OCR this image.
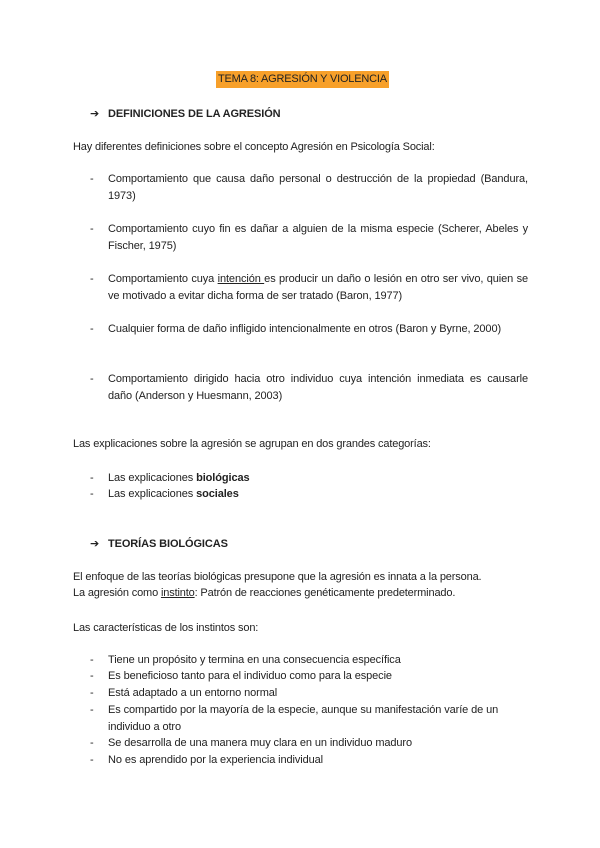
TEMA 8: AGRESIÓN Y VIOLENCIA
➔ DEFINICIONES DE LA AGRESIÓN
Hay diferentes definiciones sobre el concepto Agresión en Psicología Social:
- Comportamiento que causa daño personal o destrucción de la propiedad (Bandura, 1973)
- Comportamiento cuyo fin es dañar a alguien de la misma especie (Scherer, Abeles y Fischer, 1975)
- Comportamiento cuya intención es producir un daño o lesión en otro ser vivo, quien se ve motivado a evitar dicha forma de ser tratado (Baron, 1977)
- Cualquier forma de daño infligido intencionalmente en otros (Baron y Byrne, 2000)
- Comportamiento dirigido hacia otro individuo cuya intención inmediata es causarle daño (Anderson y Huesmann, 2003)
Las explicaciones sobre la agresión se agrupan en dos grandes categorías:
- Las explicaciones biológicas
- Las explicaciones sociales
➔ TEORÍAS BIOLÓGICAS
El enfoque de las teorías biológicas presupone que la agresión es innata a la persona.
La agresión como instinto: Patrón de reacciones genéticamente predeterminado.
Las características de los instintos son:
- Tiene un propósito y termina en una consecuencia específica
- Es beneficioso tanto para el individuo como para la especie
- Está adaptado a un entorno normal
- Es compartido por la mayoría de la especie, aunque su manifestación varíe de un individuo a otro
- Se desarrolla de una manera muy clara en un individuo maduro
- No es aprendido por la experiencia individual
